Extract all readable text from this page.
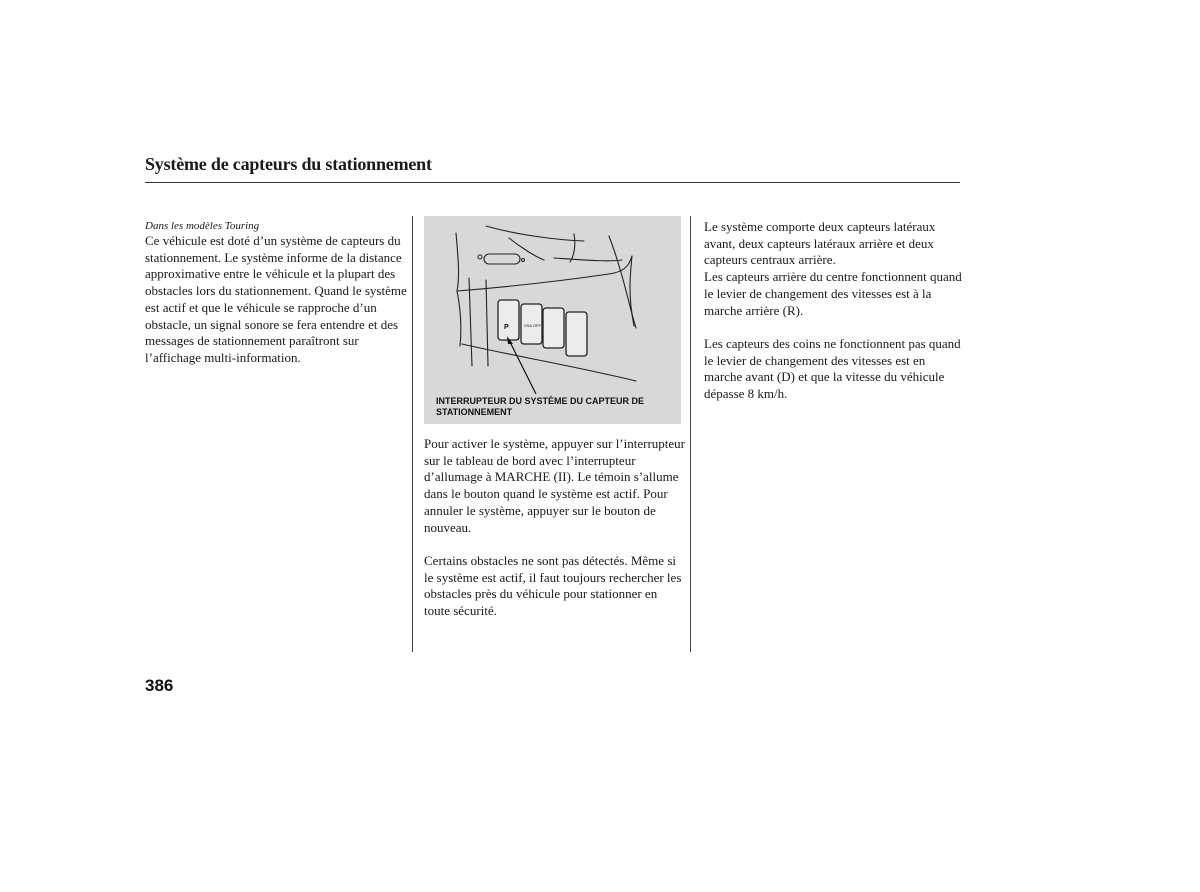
Système de capteurs du stationnement

Dans les modèles Touring

Ce véhicule est doté d’un système de capteurs du stationnement. Le système informe de la distance approximative entre le véhicule et la plupart des obstacles lors du stationnement. Quand le système est actif et que le véhicule se rapproche d’un obstacle, un signal sonore se fera entendre et des messages de stationnement paraîtront sur l’affichage multi-information.

P	VSA OFF
INTERRUPTEUR DU SYSTÈME DU CAPTEUR DE STATIONNEMENT

Pour activer le système, appuyer sur l’interrupteur sur le tableau de bord avec l’interrupteur d’allumage à MARCHE (II). Le témoin s’allume dans le bouton quand le système est actif. Pour annuler le système, appuyer sur le bouton de nouveau.

Certains obstacles ne sont pas détectés. Même si le système est actif, il faut toujours rechercher les obstacles près du véhicule pour stationner en toute sécurité.

Le système comporte deux capteurs latéraux avant, deux capteurs latéraux arrière et deux capteurs centraux arrière.

Les capteurs arrière du centre fonctionnent quand le levier de changement des vitesses est à la marche arrière (R).

Les capteurs des coins ne fonctionnent pas quand le levier de changement des vitesses est en marche avant (D) et que la vitesse du véhicule dépasse 8 km/h.

386
